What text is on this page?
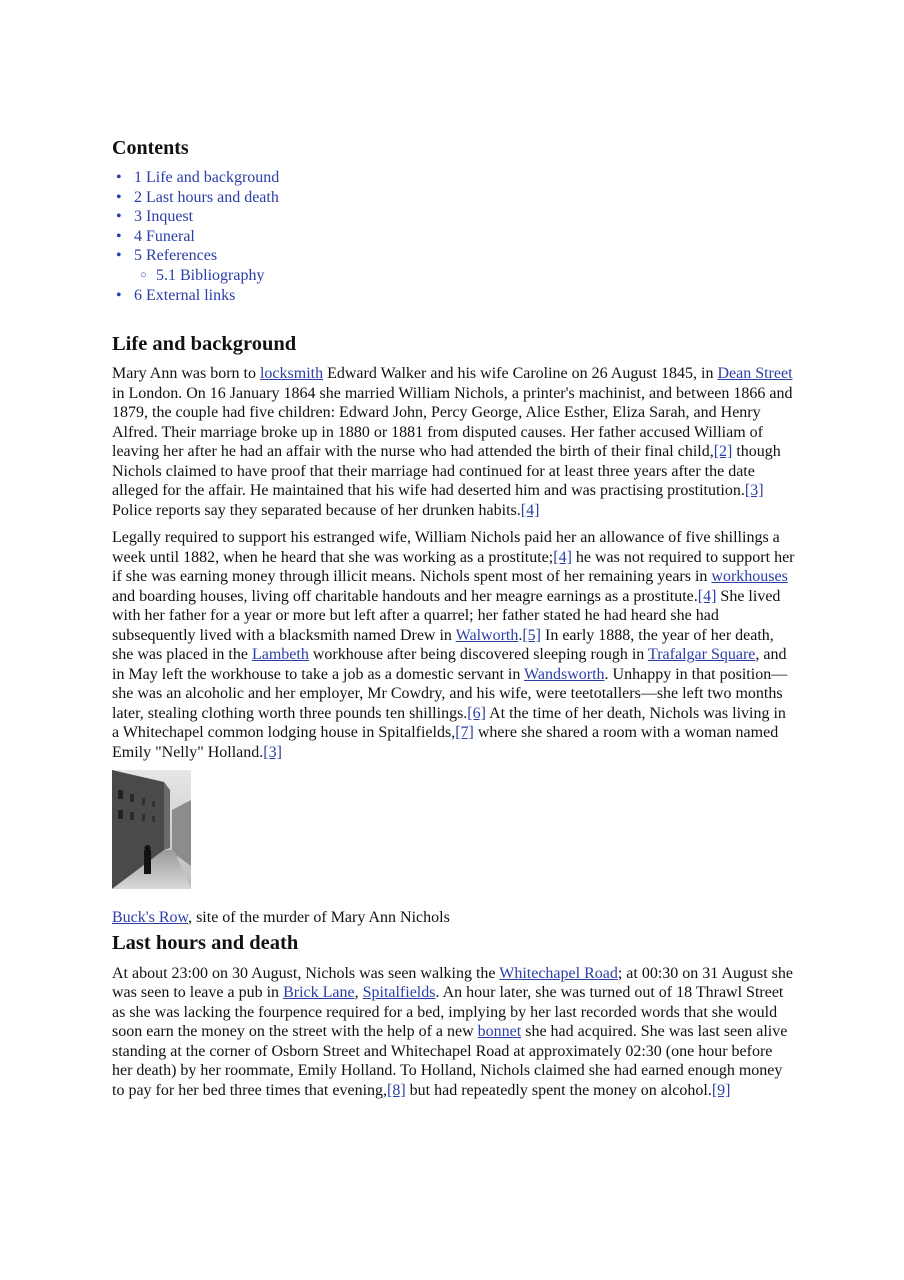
Contents
• 1 Life and background
• 2 Last hours and death
• 3 Inquest
• 4 Funeral
• 5 References
○ 5.1 Bibliography
• 6 External links
Life and background

Mary Ann was born to locksmith Edward Walker and his wife Caroline on 26 August 1845, in Dean Street in London. On 16 January 1864 she married William Nichols, a printer's machinist, and between 1866 and 1879, the couple had five children: Edward John, Percy George, Alice Esther, Eliza Sarah, and Henry Alfred. Their marriage broke up in 1880 or 1881 from disputed causes. Her father accused William of leaving her after he had an affair with the nurse who had attended the birth of their final child,[2] though Nichols claimed to have proof that their marriage had continued for at least three years after the date alleged for the affair. He maintained that his wife had deserted him and was practising prostitution.[3] Police reports say they separated because of her drunken habits.[4]

Legally required to support his estranged wife, William Nichols paid her an allowance of five shillings a week until 1882, when he heard that she was working as a prostitute;[4] he was not required to support her if she was earning money through illicit means. Nichols spent most of her remaining years in workhouses and boarding houses, living off charitable handouts and her meagre earnings as a prostitute.[4] She lived with her father for a year or more but left after a quarrel; her father stated he had heard she had subsequently lived with a blacksmith named Drew in Walworth.[5] In early 1888, the year of her death, she was placed in the Lambeth workhouse after being discovered sleeping rough in Trafalgar Square, and in May left the workhouse to take a job as a domestic servant in Wandsworth. Unhappy in that position—she was an alcoholic and her employer, Mr Cowdry, and his wife, were teetotallers—she left two months later, stealing clothing worth three pounds ten shillings.[6] At the time of her death, Nichols was living in a Whitechapel common lodging house in Spitalfields,[7] where she shared a room with a woman named Emily "Nelly" Holland.[3]

Buck's Row, site of the murder of Mary Ann Nichols
Last hours and death

At about 23:00 on 30 August, Nichols was seen walking the Whitechapel Road; at 00:30 on 31 August she was seen to leave a pub in Brick Lane, Spitalfields. An hour later, she was turned out of 18 Thrawl Street as she was lacking the fourpence required for a bed, implying by her last recorded words that she would soon earn the money on the street with the help of a new bonnet she had acquired. She was last seen alive standing at the corner of Osborn Street and Whitechapel Road at approximately 02:30 (one hour before her death) by her roommate, Emily Holland. To Holland, Nichols claimed she had earned enough money to pay for her bed three times that evening,[8] but had repeatedly spent the money on alcohol.[9]
